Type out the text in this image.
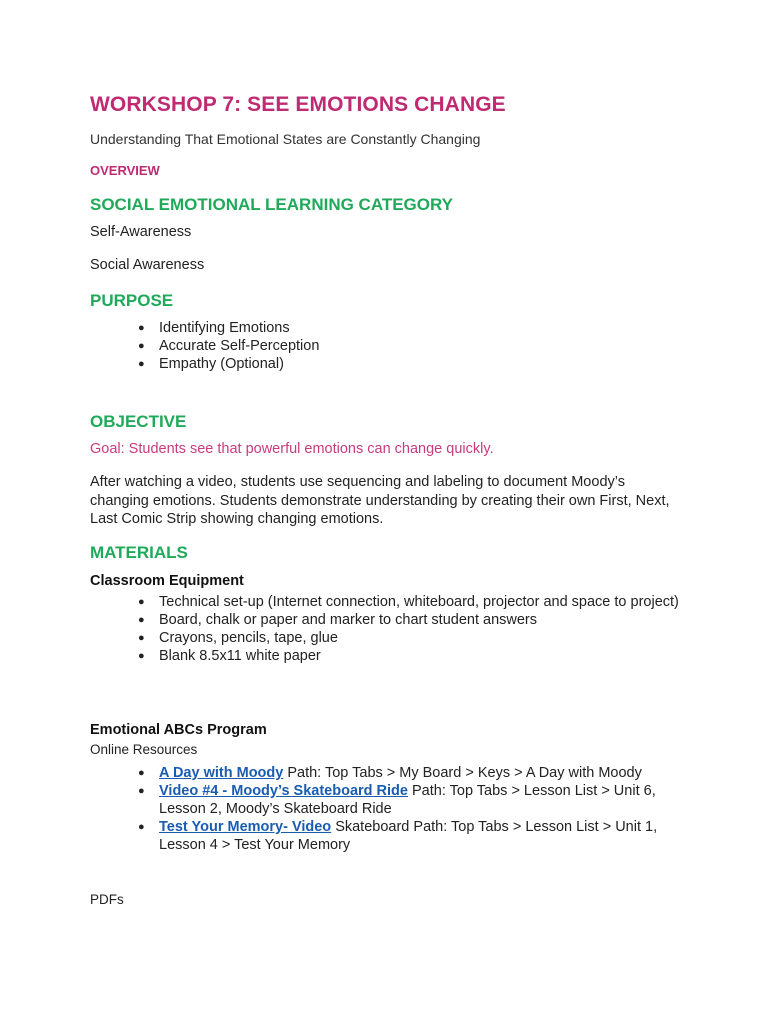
WORKSHOP 7: SEE EMOTIONS CHANGE
Understanding That Emotional States are Constantly Changing
OVERVIEW
SOCIAL EMOTIONAL LEARNING CATEGORY
Self-Awareness
Social Awareness
PURPOSE
● Identifying Emotions
● Accurate Self-Perception
● Empathy (Optional)
OBJECTIVE
Goal: Students see that powerful emotions can change quickly.
After watching a video, students use sequencing and labeling to document Moody’s changing emotions. Students demonstrate understanding by creating their own First, Next, Last Comic Strip showing changing emotions.
MATERIALS
Classroom Equipment
● Technical set-up (Internet connection, whiteboard, projector and space to project)
● Board, chalk or paper and marker to chart student answers
● Crayons, pencils, tape, glue
● Blank 8.5x11 white paper
Emotional ABCs Program
Online Resources
● A Day with Moody Path: Top Tabs > My Board > Keys > A Day with Moody
● Video #4 - Moody’s Skateboard Ride Path: Top Tabs > Lesson List > Unit 6, Lesson 2, Moody’s Skateboard Ride
● Test Your Memory- Video Skateboard Path: Top Tabs > Lesson List > Unit 1, Lesson 4 > Test Your Memory
PDFs
